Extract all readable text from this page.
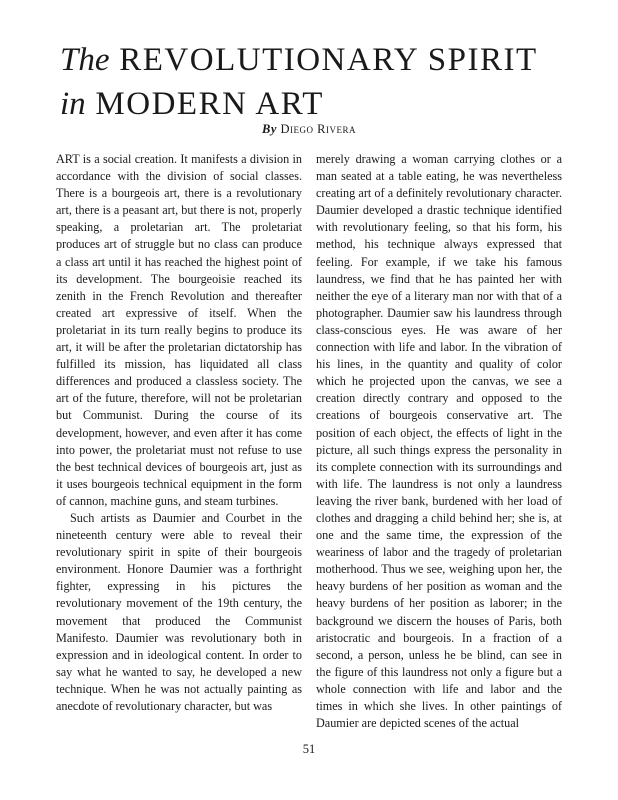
The REVOLUTIONARY SPIRIT
in MODERN ART
By Diego Rivera

ART is a social creation. It manifests a division in accordance with the division of social classes. There is a bourgeois art, there is a revolutionary art, there is a peasant art, but there is not, properly speaking, a proletarian art. The proletariat produces art of struggle but no class can produce a class art until it has reached the highest point of its development. The bourgeoisie reached its zenith in the French Revolution and thereafter created art expressive of itself. When the proletariat in its turn really begins to produce its art, it will be after the proletarian dictatorship has fulfilled its mission, has liquidated all class differences and produced a classless society. The art of the future, therefore, will not be proletarian but Communist. During the course of its development, however, and even after it has come into power, the proletariat must not refuse to use the best technical devices of bourgeois art, just as it uses bourgeois technical equipment in the form of cannon, machine guns, and steam turbines.

Such artists as Daumier and Courbet in the nineteenth century were able to reveal their revolutionary spirit in spite of their bourgeois environment. Honore Daumier was a forthright fighter, expressing in his pictures the revolutionary movement of the 19th century, the movement that produced the Communist Manifesto. Daumier was revolutionary both in expression and in ideological content. In order to say what he wanted to say, he developed a new technique. When he was not actually painting as anecdote of revolutionary character, but was

merely drawing a woman carrying clothes or a man seated at a table eating, he was nevertheless creating art of a definitely revolutionary character. Daumier developed a drastic technique identified with revolutionary feeling, so that his form, his method, his technique always expressed that feeling. For example, if we take his famous laundress, we find that he has painted her with neither the eye of a literary man nor with that of a photographer. Daumier saw his laundress through class-conscious eyes. He was aware of her connection with life and labor. In the vibration of his lines, in the quantity and quality of color which he projected upon the canvas, we see a creation directly contrary and opposed to the creations of bourgeois conservative art. The position of each object, the effects of light in the picture, all such things express the personality in its complete connection with its surroundings and with life. The laundress is not only a laundress leaving the river bank, burdened with her load of clothes and dragging a child behind her; she is, at one and the same time, the expression of the weariness of labor and the tragedy of proletarian motherhood. Thus we see, weighing upon her, the heavy burdens of her position as woman and the heavy burdens of her position as laborer; in the background we discern the houses of Paris, both aristocratic and bourgeois. In a fraction of a second, a person, unless he be blind, can see in the figure of this laundress not only a figure but a whole connection with life and labor and the times in which she lives. In other paintings of Daumier are depicted scenes of the actual

51
